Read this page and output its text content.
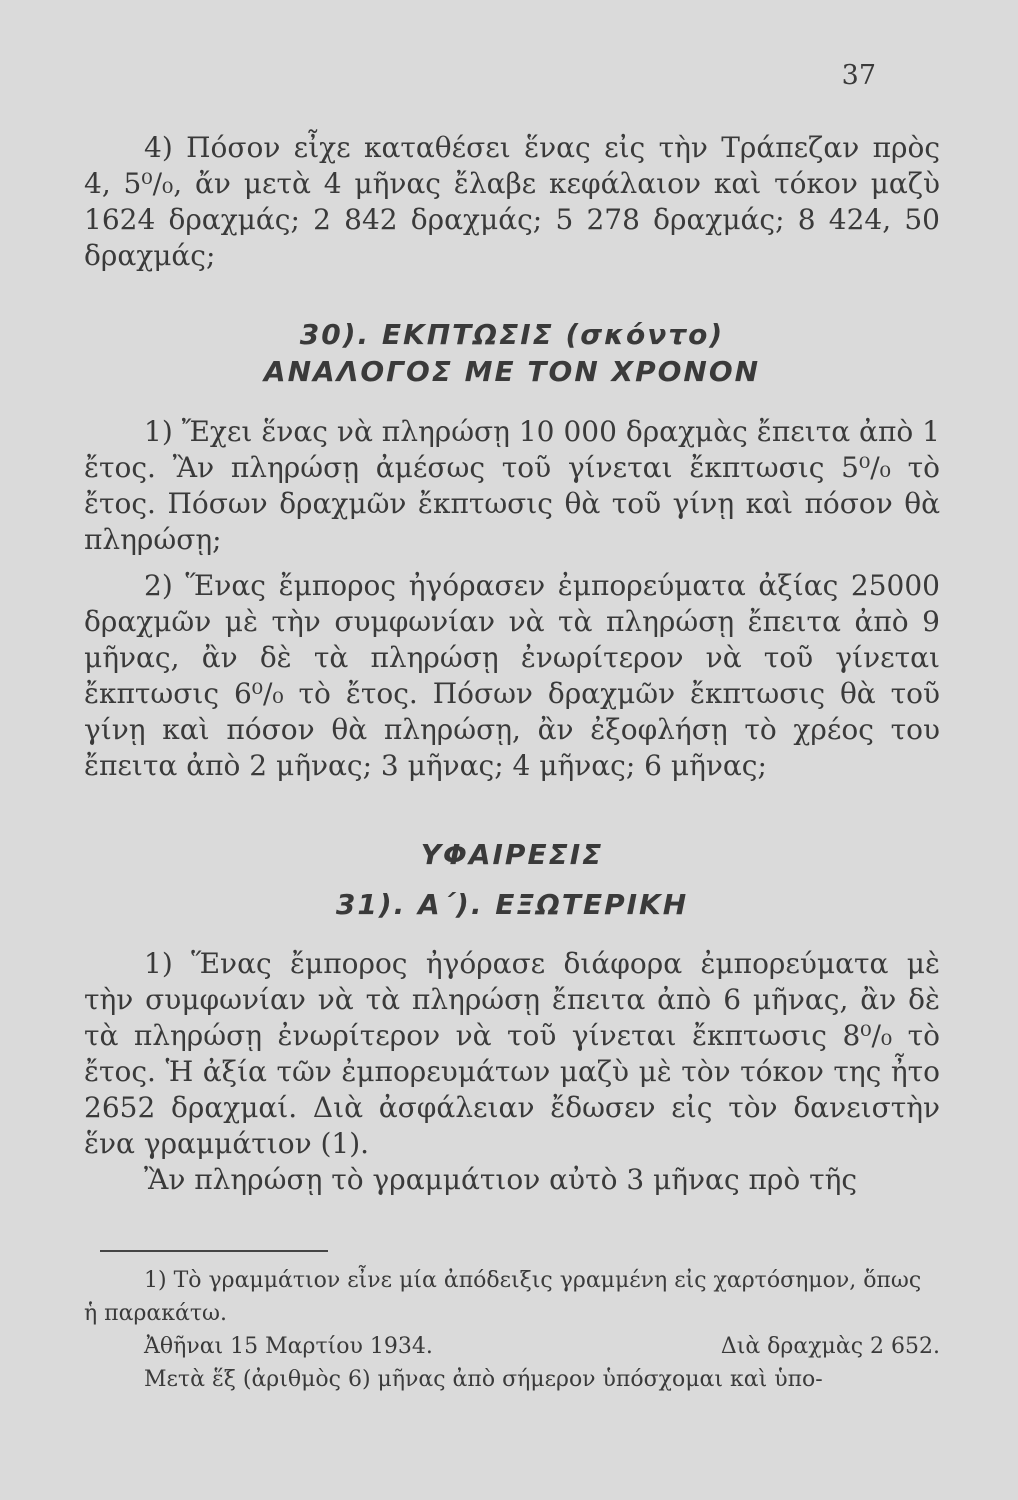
37

4) Πόσον εἶχε καταθέσει ἕνας εἰς τὴν Τράπεζαν πρὸς 4, 5⁰/₀, ἄν μετὰ 4 μῆνας ἔλαβε κεφάλαιον καὶ τόκον μαζὺ 1624 δραχμάς; 2 842 δραχμάς; 5 278 δραχμάς; 8 424, 50 δραχμάς;

30). ΕΚΠΤΩΣΙΣ (σκόντο)

ΑΝΑΛΟΓΟΣ ΜΕ ΤΟΝ ΧΡΟΝΟΝ

1) Ἔχει ἕνας νὰ πληρώσῃ 10 000 δραχμὰς ἔπειτα ἀπὸ 1 ἔτος. Ἂν πληρώσῃ ἀμέσως τοῦ γίνεται ἔκπτωσις 5⁰/₀ τὸ ἔτος. Πόσων δραχμῶν ἔκπτωσις θὰ τοῦ γίνῃ καὶ πόσον θὰ πληρώσῃ;

2) Ἕνας ἔμπορος ἠγόρασεν ἐμπορεύματα ἀξίας 25000 δραχμῶν μὲ τὴν συμφωνίαν νὰ τὰ πληρώσῃ ἔπειτα ἀπὸ 9 μῆνας, ἂν δὲ τὰ πληρώσῃ ἐνωρίτερον νὰ τοῦ γίνεται ἔκπτωσις 6⁰/₀ τὸ ἔτος. Πόσων δραχμῶν ἔκπτωσις θὰ τοῦ γίνῃ καὶ πόσον θὰ πληρώσῃ, ἂν ἐξοφλήσῃ τὸ χρέος του ἔπειτα ἀπὸ 2 μῆνας; 3 μῆνας; 4 μῆνας; 6 μῆνας;

ΥΦΑΙΡΕΣΙΣ

31). Α΄). ΕΞΩΤΕΡΙΚΗ

1) Ἕνας ἔμπορος ἠγόρασε διάφορα ἐμπορεύματα μὲ τὴν συμφωνίαν νὰ τὰ πληρώσῃ ἔπειτα ἀπὸ 6 μῆνας, ἂν δὲ τὰ πληρώσῃ ἐνωρίτερον νὰ τοῦ γίνεται ἔκπτωσις 8⁰/₀ τὸ ἔτος. Ἡ ἀξία τῶν ἐμπορευμάτων μαζὺ μὲ τὸν τόκον της ἦτο 2652 δραχμαί. Διὰ ἀσφάλειαν ἔδωσεν εἰς τὸν δανειστὴν ἕνα γραμμάτιον (1).

Ἂν πληρώσῃ τὸ γραμμάτιον αὐτὸ 3 μῆνας πρὸ τῆς

1) Τὸ γραμμάτιον εἶνε μία ἀπόδειξις γραμμένη εἰς χαρτόσημον, ὅπως ἡ παρακάτω.
Ἀθῆναι 15 Μαρτίου 1934.	Διὰ δραχμὰς 2 652.
Μετὰ ἕξ (ἀριθμὸς 6) μῆνας ἀπὸ σήμερον ὑπόσχομαι καὶ ὑπο-
